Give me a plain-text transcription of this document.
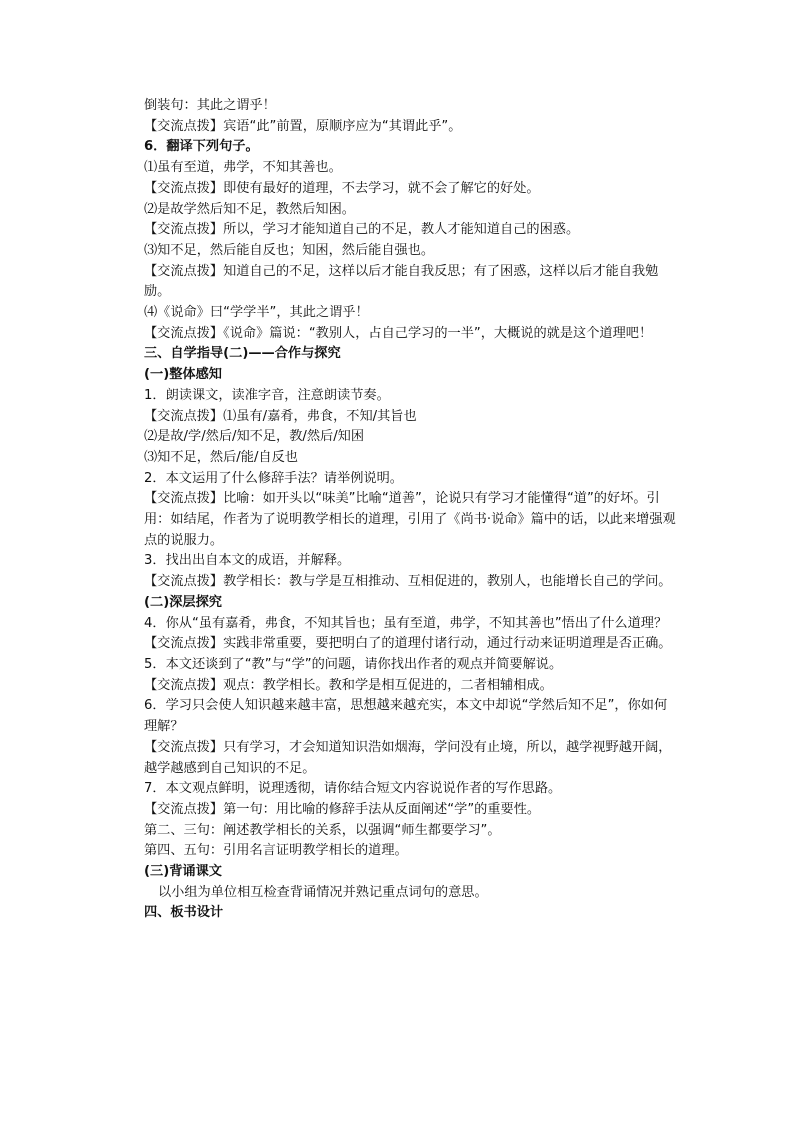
倒装句：其此之谓乎！
【交流点拨】宾语“此”前置，原顺序应为“其谓此乎”。
6．翻译下列句子。
⑴虽有至道，弗学，不知其善也。
【交流点拨】即使有最好的道理，不去学习，就不会了解它的好处。
⑵是故学然后知不足，教然后知困。
【交流点拨】所以，学习才能知道自己的不足，教人才能知道自己的困惑。
⑶知不足，然后能自反也；知困，然后能自强也。
【交流点拨】知道自己的不足，这样以后才能自我反思；有了困惑，这样以后才能自我勉励。
⑷《说命》曰“学学半”，其此之谓乎！
【交流点拨】《说命》篇说：“教别人，占自己学习的一半”，大概说的就是这个道理吧！
三、自学指导(二)——合作与探究
(一)整体感知
1．朗读课文，读准字音，注意朗读节奏。
【交流点拨】⑴虽有/嘉肴，弗食，不知/其旨也
⑵是故/学/然后/知不足，教/然后/知困
⑶知不足，然后/能/自反也
2．本文运用了什么修辞手法？请举例说明。
【交流点拨】比喻：如开头以“味美”比喻“道善”，论说只有学习才能懂得“道”的好坏。引用：如结尾，作者为了说明教学相长的道理，引用了《尚书·说命》篇中的话，以此来增强观点的说服力。
3．找出出自本文的成语，并解释。
【交流点拨】教学相长：教与学是互相推动、互相促进的，教别人，也能增长自己的学问。
(二)深层探究
4．你从“虽有嘉肴，弗食，不知其旨也；虽有至道，弗学，不知其善也”悟出了什么道理？
【交流点拨】实践非常重要，要把明白了的道理付诸行动，通过行动来证明道理是否正确。
5．本文还谈到了“教”与“学”的问题，请你找出作者的观点并简要解说。
【交流点拨】观点：教学相长。教和学是相互促进的，二者相辅相成。
6．学习只会使人知识越来越丰富，思想越来越充实，本文中却说“学然后知不足”，你如何理解？
【交流点拨】只有学习，才会知道知识浩如烟海，学问没有止境，所以，越学视野越开阔，越学越感到自己知识的不足。
7．本文观点鲜明，说理透彻，请你结合短文内容说说作者的写作思路。
【交流点拨】第一句：用比喻的修辞手法从反面阐述“学”的重要性。
第二、三句：阐述教学相长的关系，以强调“师生都要学习”。
第四、五句：引用名言证明教学相长的道理。
(三)背诵课文
以小组为单位相互检查背诵情况并熟记重点词句的意思。
四、板书设计
